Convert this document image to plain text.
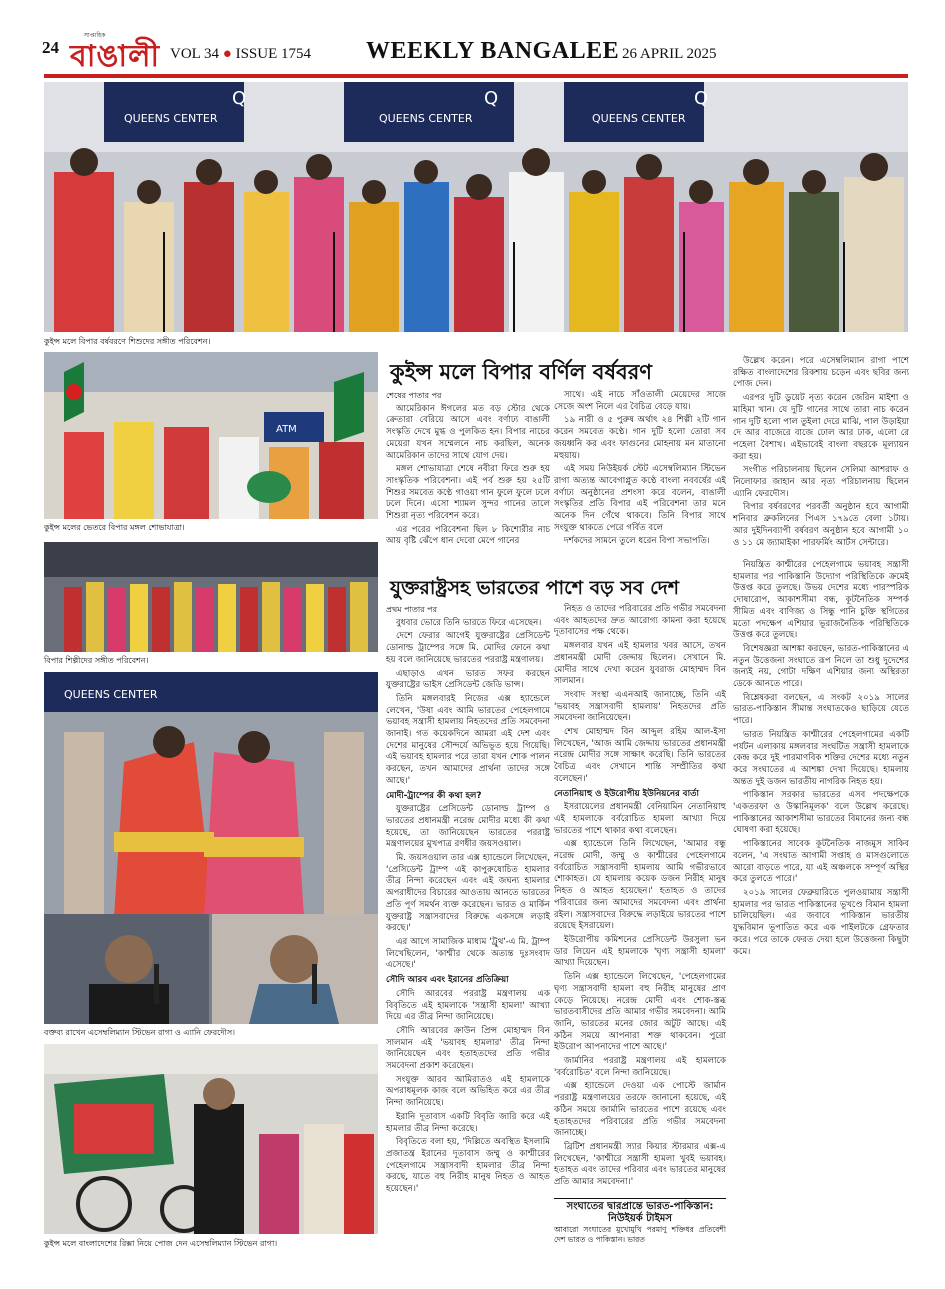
24
সাপ্তাহিক
বাঙালী VOL 34 ● ISSUE 1754 WEEKLY BANGALEE 26 APRIL 2025
QUEENS CENTER
Q
QUEENS CENTER
Q
QUEENS CENTER
Q
কুইন্স মলে বিপার বর্ষবরণে শিশুদের সঙ্গীত পরিবেশন।
ATM
কুইন্স মলের ভেতরে বিপার মঙ্গল শোভাযাত্রা।
বিপার শিল্পীদের সঙ্গীত পরিবেশন।
QUEENS CENTER
বক্তব্য রাখেন এসেম্বলিম্যান স্টিভেন রাগা ও এ্যানি ফেরদৌস।
কুইন্স মলে বাংলাদেশের রিক্সা নিয়ে পোজ দেন এসেম্বলিম্যান স্টিভেন রাগা।
কুইন্স মলে বিপার বর্ণিল বর্ষবরণ

শেষের পাতার পর

আমেরিকান ঈগলের মত বড় স্টোর থেকে ক্রেতারা বেরিয়ে আসে এবং বর্ণাঢ্য বাঙালী সংস্কৃতি দেখে মুগ্ধ ও পুলকিত হন। বিপার নাচের মেয়েরা যখন সম্মেলনে নাচ করছিল, অনেক আমেরিকান তাদের সাথে যোগ দেয়।

মঙ্গল শোভাযাত্রা শেষে নবীরা ফিরে শুরু হয় সাংস্কৃতিক পরিবেশনা। এই পর্ব শুরু হয় ২৫টি শিশুর সমবেত কণ্ঠে গাওয়া গান ফুলে ফুলে ঢলে ঢলে দিনে। এসো শ্যামল সুন্দর গানের তালে শিশুরা নৃত্য পরিবেশন করে।

এর পরের পরিবেশনা ছিল ৮ কিশোরীর নাচ আয় বৃষ্টি ঝেঁপে ধান দেবো মেপে গানের

সাথে। এই নাচে সাঁওতালী মেয়েদের সাজে সেজে অংশ নিলে এর বৈচিত্র বেড়ে যায়।

১৯ নারী ও ৫ পুরুষ অর্থাৎ ২৪ শিল্পী ২টি গান করেন সমবেত কণ্ঠে। গান দুটি হলো তোরা সব জয়ধ্বনি কর এবং ফাগুনের মোহনায় মন মাতানো মহুয়ায়।

এই সময় নিউইয়র্ক স্টেট এসেম্বলিম্যান স্টিভেন রাগা অত্যন্ত আবেগাপ্লুত কণ্ঠে বাংলা নববর্ষের এই বর্ণাঢ্য অনুষ্ঠানের প্রশংসা করে বলেন, বাঙালী সংস্কৃতির প্রতি বিপার এই পরিবেশনা তার মনে অনেক দিন গেঁথে থাকবে। তিনি বিপার সাথে সংযুক্ত থাকতে পেরে গর্বিত বলে

দর্শকদের সামনে তুলে ধরেন বিপা সভাপতি।

উল্লেখ করেন। পরে এসেম্বলিম্যান রাগা পাশে রক্ষিত বাংলাদেশের রিকশায় চড়েন এবং ছবির জন্য পোজ দেন।

এরপর দুটি ডুয়েট নৃত্য করেন জেরিন মাইশা ও মাহিমা খান। যে দুটি গানের সাথে তারা নাচ করেন গান দুটি হলো পাল তুইলা দেরে মাঝি, পাল উড়াইয়া দে আর বাজেরে বাজে ঢোল আর ঢাক, এলো রে পহেলা বৈশাখ। এইভাবেই বাংলা বছরকে মূল্যায়ন করা হয়।

সংগীত পরিচালনায় ছিলেন সেলিমা আশরাফ ও নিলোফার জাহান আর নৃত্য পরিচালনায় ছিলেন এ্যানি ফেরদৌস।

বিপার বর্ষবরণের পরবর্তী অনুষ্ঠান হবে আগামী শনিবার ব্রুকলিনের পিএস ১৭৯তে বেলা ১টায়। আর দুইদিনব্যাপী বর্ষবরণ অনুষ্ঠান হবে আগামী ১০ ও ১১ মে জ্যামাইকা পারফর্মিং আর্টস সেন্টারে।

যুক্তরাষ্ট্রসহ ভারতের পাশে বড় সব দেশ

প্রথম পাতার পর

বুধবার ভোরে তিনি ভারতে ফিরে এসেছেন।

দেশে ফেরার আগেই যুক্তরাষ্ট্রের প্রেসিডেন্ট ডোনাল্ড ট্রাম্পের সঙ্গে মি. মোদির ফোনে কথা হয় বলে জানিয়েছে ভারতের পররাষ্ট্র মন্ত্রণালয়।

এছাড়াও এখন ভারত সফর করছেন যুক্তরাষ্ট্রের ভাইস প্রেসিডেন্ট জেডি ভান্স।

তিনি মঙ্গলবারই নিজের এক্স হ্যান্ডেলে লেখেন, 'উষা এবং আমি ভারতের পেহেলগামে ভয়াবহ সন্ত্রাসী হামলায় নিহতদের প্রতি সমবেদনা জানাই। গত কয়েকদিনে আমরা এই দেশ এবং দেশের মানুষের সৌন্দর্যে অভিভূত হয়ে গিয়েছি। এই ভয়াবহ হামলার পরে তারা যখন শোক পালন করছেন, তখন আমাদের প্রার্থনা তাদের সঙ্গে আছে।'

মোদী-ট্রাম্পের কী কথা হল?

যুক্তরাষ্ট্রের প্রেসিডেন্ট ডোনাল্ড ট্রাম্প ও ভারতের প্রধানমন্ত্রী নরেন্দ্র মোদীর মধ্যে কী কথা হয়েছে, তা জানিয়েছেন ভারতের পররাষ্ট্র মন্ত্রণালয়ের মুখপাত্র রণধীর জয়সওয়াল।

মি. জয়সওয়াল তার এক্স হ্যান্ডেলে লিখেছেন, 'প্রেসিডেন্ট ট্রাম্প এই কাপুরুষোচিত হামলার তীব্র নিন্দা করেছেন এবং এই জঘন্য হামলার অপরাধীদের বিচারের আওতায় আনতে ভারতের প্রতি পূর্ণ সমর্থন ব্যক্ত করেছেন। ভারত ও মার্কিন যুক্তরাষ্ট্র সন্ত্রাসবাদের বিরুদ্ধে একসঙ্গে লড়াই করছে।'

এর আগে সামাজিক মাধ্যম 'ট্রুথ'-এ মি. ট্রাম্প লিখেছিলেন, 'কাশ্মীর থেকে অত্যন্ত দুঃসংবাদ এসেছে।'

সৌদি আরব এবং ইরানের প্রতিক্রিয়া

সৌদি আরবের পররাষ্ট্র মন্ত্রণালয় এক বিবৃতিতে এই হামলাকে 'সন্ত্রাসী হামলা' আখ্যা দিয়ে এর তীব্র নিন্দা জানিয়েছে।

সৌদি আরবের ক্রাউন প্রিন্স মোহাম্মদ বিন সালমান এই 'ভয়াবহ হামলার' তীব্র নিন্দা জানিয়েছেন এবং হতাহতদের প্রতি গভীর সমবেদনা প্রকাশ করেছেন।

সংযুক্ত আরব আমিরাতও এই হামলাকে অপরাধমূলক কাজ বলে অভিহিত করে এর তীব্র নিন্দা জানিয়েছে।

ইরানি দূতাবাস একটি বিবৃতি জারি করে এই হামলার তীব্র নিন্দা করেছে।

বিবৃতিতে বলা হয়, 'দিল্লিতে অবস্থিত ইসলামি প্রজাতন্ত্র ইরানের দূতাবাস জম্মু ও কাশ্মীরের পেহেলগামে সন্ত্রাসবাদী হামলার তীব্র নিন্দা করছে, যাতে বহু নিরীহ মানুষ নিহত ও আহত হয়েছেন।'

নিহত ও তাদের পরিবারের প্রতি গভীর সমবেদনা এবং আহতদের দ্রুত আরোগ্য কামনা করা হয়েছে দূতাবাসের পক্ষ থেকে।

মঙ্গলবার যখন এই হামলার খবর আসে, তখন প্রধানমন্ত্রী মোদী জেদ্দায় ছিলেন। সেখানে মি. মোদীর সাথে দেখা করেন যুবরাজ মোহাম্মদ বিন সালমান।

সংবাদ সংস্থা এএনআই জানাচ্ছে, তিনি এই 'ভয়াবহ সন্ত্রাসবাদী হামলায়' নিহতদের প্রতি সমবেদনা জানিয়েছেন।

শেখ মোহাম্মদ বিন আব্দুল রহিম আল-ইসা লিখেছেন, 'আজ আমি জেদ্দায় ভারতের প্রধানমন্ত্রী নরেন্দ্র মোদীর সঙ্গে সাক্ষাৎ করেছি। তিনি ভারতের বৈচিত্র এবং সেখানে শান্তি সম্প্রীতির কথা বলেছেন।'

নেতানিয়াহু ও ইউরোপীয় ইউনিয়নের বার্তা

ইসরায়েলের প্রধানমন্ত্রী বেনিয়ামিন নেতানিয়াহু এই হামলাকে বর্বরোচিত হামলা আখ্যা দিয়ে ভারতের পাশে থাকার কথা বলেছেন।

এক্স হ্যান্ডেলে তিনি লিখেছেন, 'আমার বন্ধু নরেন্দ্র মোদী, জম্মু ও কাশ্মীরের পেহেলগামে বর্বরোচিত সন্ত্রাসবাদী হামলায় আমি গভীরভাবে শোকাহত। যে হামলায় কয়েক ডজন নিরীহ মানুষ নিহত ও আহত হয়েছেন।' হতাহত ও তাদের পরিবারের জন্য আমাদের সমবেদনা এবং প্রার্থনা রইল। সন্ত্রাসবাদের বিরুদ্ধে লড়াইয়ে ভারতের পাশে রয়েছে ইসরায়েল।

ইউরোপীয় কমিশনের প্রেসিডেন্ট উরসুলা ভন ডার লিয়েন এই হামলাকে 'ঘৃণ্য সন্ত্রাসী হামলা' আখ্যা দিয়েছেন।

তিনি এক্স হ্যান্ডেলে লিখেছেন, 'পেহেলগামের ঘৃণ্য সন্ত্রাসবাদী হামলা বহু নিরীহ মানুষের প্রাণ কেড়ে নিয়েছে। নরেন্দ্র মোদী এবং শোক-স্তব্ধ ভারতবাসীদের প্রতি আমার গভীর সমবেদনা। আমি জানি, ভারতের মনের জোর অটুট আছে। এই কঠিন সময়ে আপনারা শক্ত থাকবেন। পুরো ইউরোপ আপনাদের পাশে আছে।'

জার্মানির পররাষ্ট্র মন্ত্রণালয় এই হামলাকে 'বর্বরোচিত' বলে নিন্দা জানিয়েছে।

এক্স হ্যান্ডেলে দেওয়া এক পোস্টে জার্মান পররাষ্ট্র মন্ত্রণালয়ের তরফে জানানো হয়েছে, এই কঠিন সময়ে জার্মানি ভারতের পাশে রয়েছে এবং হতাহতদের পরিবারের প্রতি গভীর সমবেদনা জানাচ্ছে।

ব্রিটিশ প্রধানমন্ত্রী স্যার কিয়ার স্টারমার এক্স-এ লিখেছেন, 'কাশ্মীরে সন্ত্রাসী হামলা খুবই ভয়াবহ। হতাহত এবং তাদের পরিবার এবং ভারতের মানুষের প্রতি আমার সমবেদনা।'

সংঘাতের দ্বারপ্রান্তে ভারত-পাকিস্তান: নিউইয়র্ক টাইমস
আবারো সংঘাতের মুখোমুখি পরমাণু শক্তিধর প্রতিবেশী দেশ ভারত ও পাকিস্তান। ভারত

নিয়ন্ত্রিত কাশ্মীরের পেহেলগামে ভয়াবহ সন্ত্রাসী হামলার পর পাকিস্তানি উদ্যোগ পরিস্থিতিকে ক্রমেই উত্তপ্ত করে তুলছে। উভয় দেশের মধ্যে পারস্পরিক দোষারোপ, আকাশসীমা বন্ধ, কূটনৈতিক সম্পর্ক সীমিত এবং বাণিজ্য ও সিন্ধু পানি চুক্তি স্থগিতের মতো পদক্ষেপ এশিয়ার ভূরাজনৈতিক পরিস্থিতিকে উত্তপ্ত করে তুলছে।

বিশেষজ্ঞরা আশঙ্কা করছেন, ভারত-পাকিস্তানের এ নতুন উত্তেজনা সংঘাতে রূপ নিলে তা শুধু দুদেশের জন্যই নয়, গোটা দক্ষিণ এশিয়ার জন্য অস্থিরতা ডেকে আনতে পারে।

বিশ্লেষকরা বলছেন, এ সংকট ২০১৯ সালের ভারত-পাকিস্তান সীমান্ত সংঘাতকেও ছাড়িয়ে যেতে পারে।

ভারত নিয়ন্ত্রিত কাশ্মীরের পেহেলগামের একটি পর্যটন এলাকায় মঙ্গলবার সংঘটিত সন্ত্রাসী হামলাকে কেন্দ্র করে দুই পারমাণবিক শক্তির দেশের মধ্যে নতুন করে সংঘাতের এ আশঙ্কা দেখা দিয়েছে। হামলায় অন্তত দুই ডজন ভারতীয় নাগরিক নিহত হয়।

পাকিস্তান সরকার ভারতের এসব পদক্ষেপকে 'একতরফা ও উস্কানিমূলক' বলে উল্লেখ করেছে। পাকিস্তানের আকাশসীমা ভারতের বিমানের জন্য বন্ধ ঘোষণা করা হয়েছে।

পাকিস্তানের সাবেক কূটনৈতিক নাজমুস সাকিব বলেন, 'এ সংঘাত আগামী সপ্তাহ ও মাসগুলোতে আরো বাড়তে পারে, যা এই অঞ্চলকে সম্পূর্ণ অস্থির করে তুলতে পারে।'

২০১৯ সালের ফেব্রুয়ারিতে পুলওয়ামায় সন্ত্রাসী হামলার পর ভারত পাকিস্তানের ভূখণ্ডে বিমান হামলা চালিয়েছিল। এর জবাবে পাকিস্তান ভারতীয় যুদ্ধবিমান ভূপাতিত করে এক পাইলটকে গ্রেফতার করে। পরে তাকে ফেরত দেয়া হলে উত্তেজনা কিছুটা কমে।
